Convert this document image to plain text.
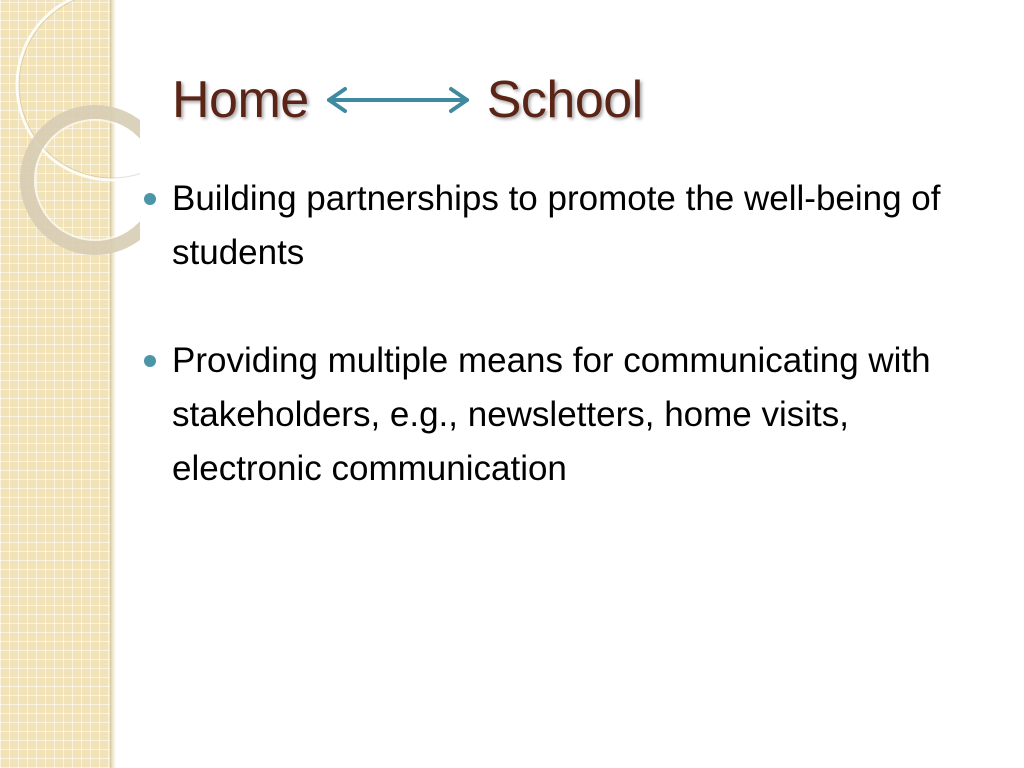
Home	School
Building partnerships to promote the well-being of students
Providing multiple means for communicating with stakeholders, e.g., newsletters, home visits, electronic communication
